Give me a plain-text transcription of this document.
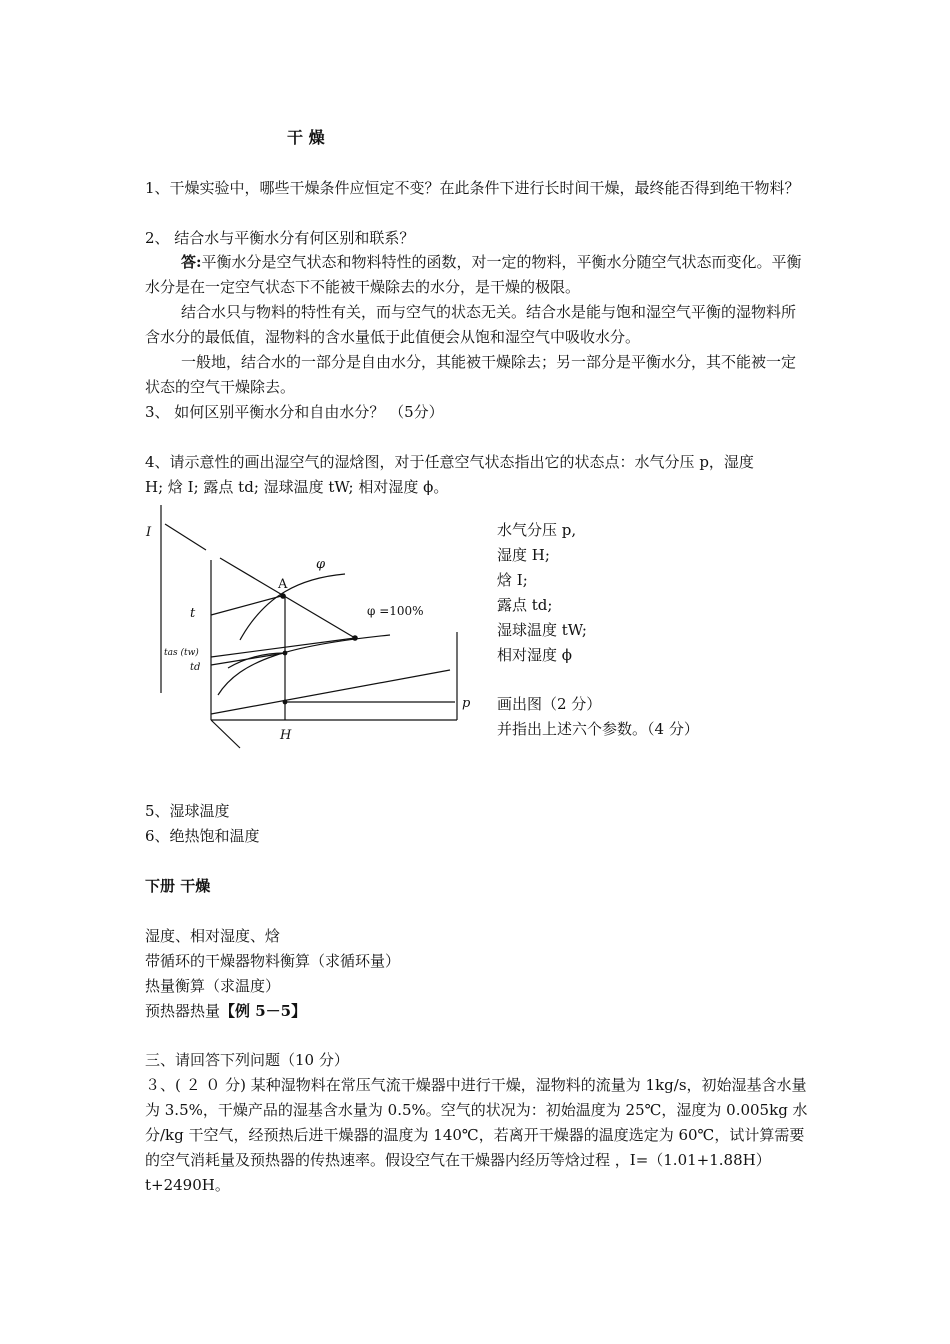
干 燥
1、干燥实验中，哪些干燥条件应恒定不变？在此条件下进行长时间干燥，最终能否得到绝干物料？
2、 结合水与平衡水分有何区别和联系？
答:平衡水分是空气状态和物料特性的函数，对一定的物料，平衡水分随空气状态而变化。平衡水分是在一定空气状态下不能被干燥除去的水分，是干燥的极限。
结合水只与物料的特性有关，而与空气的状态无关。结合水是能与饱和湿空气平衡的湿物料所含水分的最低值，湿物料的含水量低于此值便会从饱和湿空气中吸收水分。
一般地，结合水的一部分是自由水分，其能被干燥除去；另一部分是平衡水分，其不能被一定状态的空气干燥除去。
3、 如何区别平衡水分和自由水分？ （5分）
4、请示意性的画出湿空气的湿焓图，对于任意空气状态指出它的状态点：水气分压 p，湿度
H; 焓 I; 露点 td; 湿球温度 tW; 相对湿度 ϕ。
I
φ
A
t	φ =100%
tas (tw)
td
p
H
水气分压 p,
湿度 H;
焓 I;
露点 td;
湿球温度 tW;
相对湿度 ϕ
画出图（2 分）
并指出上述六个参数。（4 分）
5、湿球温度
6、绝热饱和温度
下册 干燥
湿度、相对湿度、焓
带循环的干燥器物料衡算（求循环量）
热量衡算（求温度）
预热器热量【例 5－5】
三、请回答下列问题（10 分）
３、( ２ ０ 分) 某种湿物料在常压气流干燥器中进行干燥，湿物料的流量为 1kg/s，初始湿基含水量为 3.5%，干燥产品的湿基含水量为 0.5%。空气的状况为：初始温度为 25℃，湿度为 0.005kg 水分/kg 干空气，经预热后进干燥器的温度为 140℃，若离开干燥器的温度选定为 60℃，试计算需要的空气消耗量及预热器的传热速率。假设空气在干燥器内经历等焓过程 ，I=（1.01+1.88H）t+2490H。
